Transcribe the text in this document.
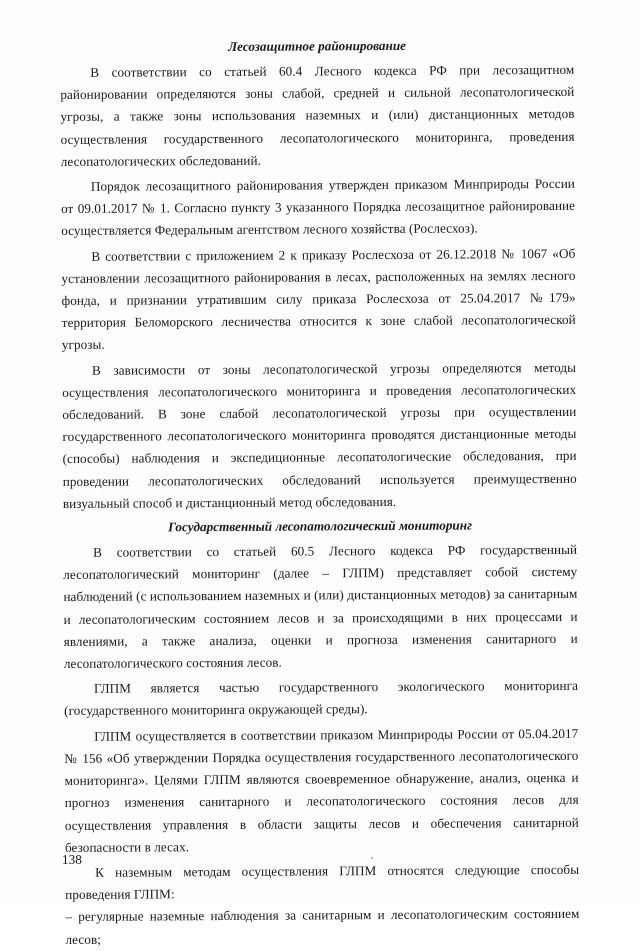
Лесозащитное районирование

В соответствии со статьей 60.4 Лесного кодекса РФ при лесозащитном районировании определяются зоны слабой, средней и сильной лесопатологической угрозы, а также зоны использования наземных и (или) дистанционных методов осуществления государственного лесопатологического мониторинга, проведения лесопатологических обследований.

Порядок лесозащитного районирования утвержден приказом Минприроды России от 09.01.2017 № 1. Согласно пункту 3 указанного Порядка лесозащитное районирование осуществляется Федеральным агентством лесного хозяйства (Рослесхоз).

В соответствии с приложением 2 к приказу Рослесхоза от 26.12.2018 № 1067 «Об установлении лесозащитного районирования в лесах, расположенных на землях лесного фонда, и признании утратившим силу приказа Рослесхоза от 25.04.2017 №179» территория Беломорского лесничества относится к зоне слабой лесопатологической угрозы.

В зависимости от зоны лесопатологической угрозы определяются методы осуществления лесопатологического мониторинга и проведения лесопатологических обследований. В зоне слабой лесопатологической угрозы при осуществлении государственного лесопатологического мониторинга проводятся дистанционные методы (способы) наблюдения и экспедиционные лесопатологические обследования, при проведении лесопатологических обследований используется преимущественно визуальный способ и дистанционный метод обследования.

Государственный лесопатологический мониторинг

В соответствии со статьей 60.5 Лесного кодекса РФ государственный лесопатологический мониторинг (далее – ГЛПМ) представляет собой систему наблюдений (с использованием наземных и (или) дистанционных методов) за санитарным и лесопатологическим состоянием лесов и за происходящими в них процессами и явлениями, а также анализа, оценки и прогноза изменения санитарного и лесопатологического состояния лесов.

ГЛПМ является частью государственного экологического мониторинга (государственного мониторинга окружающей среды).

ГЛПМ осуществляется в соответствии приказом Минприроды России от 05.04.2017 № 156 «Об утверждении Порядка осуществления государственного лесопатологического мониторинга». Целями ГЛПМ являются своевременное обнаружение, анализ, оценка и прогноз изменения санитарного и лесопатологического состояния лесов для осуществления управления в области защиты лесов и обеспечения санитарной безопасности в лесах.

К наземным методам осуществления ГЛПМ относятся следующие способы проведения ГЛПМ:

– регулярные наземные наблюдения за санитарным и лесопатологическим состоянием лесов;

138
